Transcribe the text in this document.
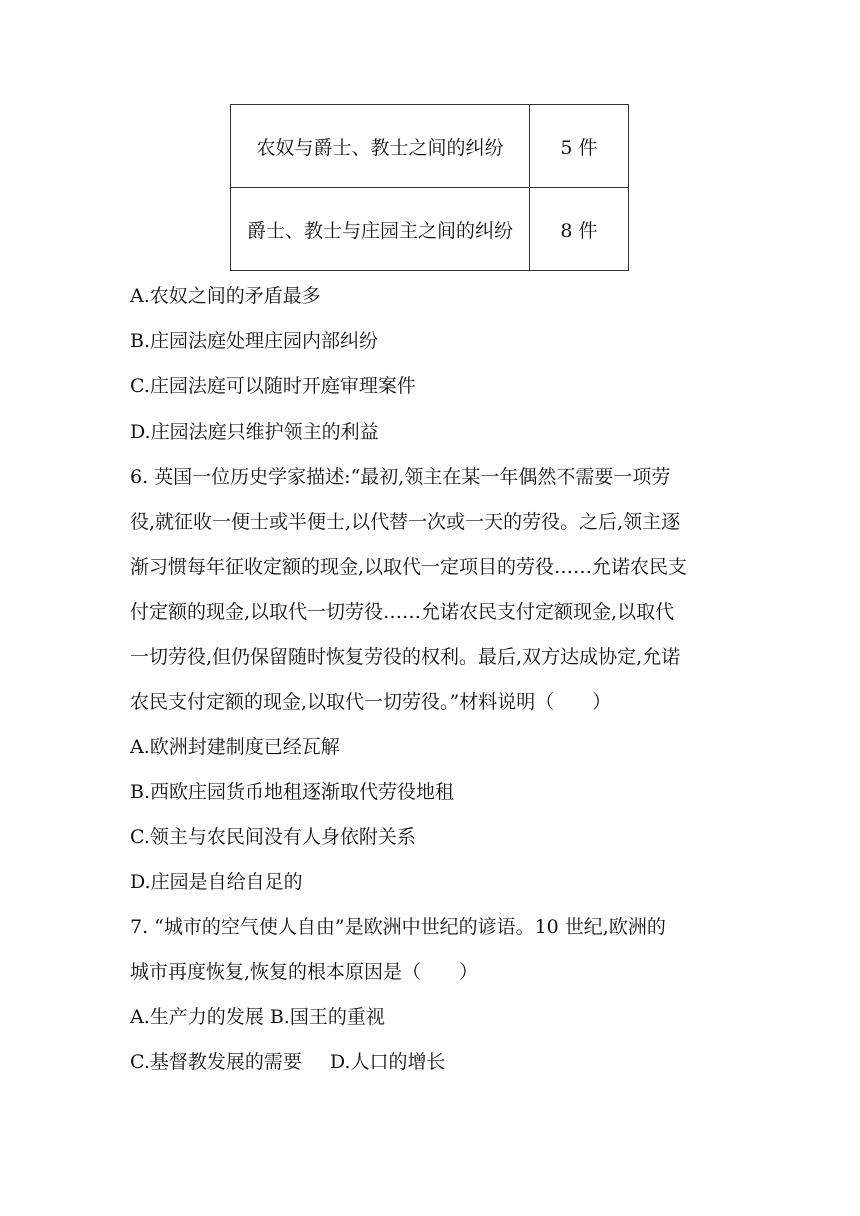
农奴与爵士、教士之间的纠纷	5 件
爵士、教士与庄园主之间的纠纷	8 件
A.农奴之间的矛盾最多
B.庄园法庭处理庄园内部纠纷
C.庄园法庭可以随时开庭审理案件
D.庄园法庭只维护领主的利益
6. 英国一位历史学家描述:“最初,领主在某一年偶然不需要一项劳
役,就征收一便士或半便士,以代替一次或一天的劳役。之后,领主逐
渐习惯每年征收定额的现金,以取代一定项目的劳役……允诺农民支
付定额的现金,以取代一切劳役……允诺农民支付定额现金,以取代
一切劳役,但仍保留随时恢复劳役的权利。最后,双方达成协定,允诺
农民支付定额的现金,以取代一切劳役。”材料说明（　　）
A.欧洲封建制度已经瓦解
B.西欧庄园货币地租逐渐取代劳役地租
C.领主与农民间没有人身依附关系
D.庄园是自给自足的
7. “城市的空气使人自由”是欧洲中世纪的谚语。10 世纪,欧洲的
城市再度恢复,恢复的根本原因是（　　）
A.生产力的发展 B.国王的重视
C.基督教发展的需要 D.人口的增长
